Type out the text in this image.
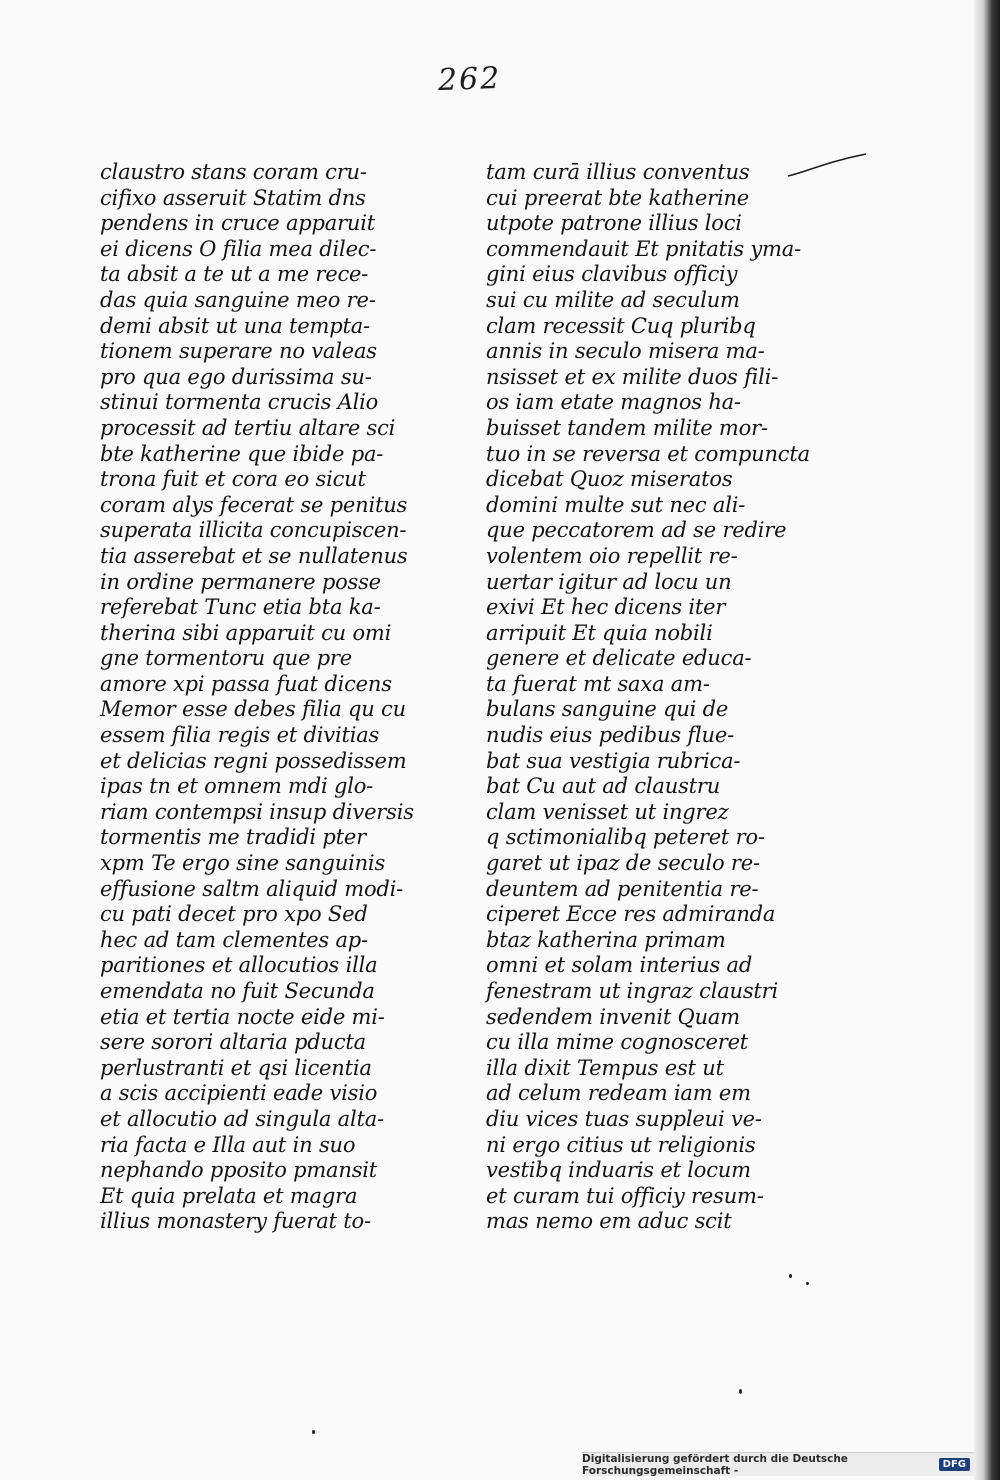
262
claustro stans coram cru-
cifixo asseruit Statim dns
pendens in cruce apparuit
ei dicens O filia mea dilec-
ta absit a te ut a me rece-
das quia sanguine meo re-
demi absit ut una tempta-
tionem superare no valeas
pro qua ego durissima su-
stinui tormenta crucis Alio
processit ad tertiu altare sci
bte katherine que ibide pa-
trona fuit et cora eo sicut
coram alys fecerat se penitus
superata illicita concupiscen-
tia asserebat et se nullatenus
in ordine permanere posse
referebat Tunc etia bta ka-
therina sibi apparuit cu omi
gne tormentoru que pre
amore xpi passa fuat dicens
Memor esse debes filia qu cu
essem filia regis et divitias
et delicias regni possedissem
ipas tn et omnem mdi glo-
riam contempsi insup diversis
tormentis me tradidi pter
xpm Te ergo sine sanguinis
effusione saltm aliquid modi-
cu pati decet pro xpo Sed
hec ad tam clementes ap-
paritiones et allocutios illa
emendata no fuit Secunda
etia et tertia nocte eide mi-
sere sorori altaria pducta
perlustranti et qsi licentia
a scis accipienti eade visio
et allocutio ad singula alta-
ria facta e Illa aut in suo
nephando pposito pmansit
Et quia prelata et magra
illius monastery fuerat to-
tam curā illius conventus
cui preerat bte katherine
utpote patrone illius loci
commendauit Et pnitatis yma-
gini eius clavibus officiy
sui cu milite ad seculum
clam recessit Cuq pluribq
annis in seculo misera ma-
nsisset et ex milite duos fili-
os iam etate magnos ha-
buisset tandem milite mor-
tuo in se reversa et compuncta
dicebat Quoz miseratos
domini multe sut nec ali-
que peccatorem ad se redire
volentem oio repellit re-
uertar igitur ad locu un
exivi Et hec dicens iter
arripuit Et quia nobili
genere et delicate educa-
ta fuerat mt saxa am-
bulans sanguine qui de
nudis eius pedibus flue-
bat sua vestigia rubrica-
bat Cu aut ad claustru
clam venisset ut ingrez
q sctimonialibq peteret ro-
garet ut ipaz de seculo re-
deuntem ad penitentia re-
ciperet Ecce res admiranda
btaz katherina primam
omni et solam interius ad
fenestram ut ingraz claustri
sedendem invenit Quam
cu illa mime cognosceret
illa dixit Tempus est ut
ad celum redeam iam em
diu vices tuas suppleui ve-
ni ergo citius ut religionis
vestibq induaris et locum
et curam tui officiy resum-
mas nemo em aduc scit
Digitalisierung gefördert durch die Deutsche Forschungsgemeinschaft -	DFG
